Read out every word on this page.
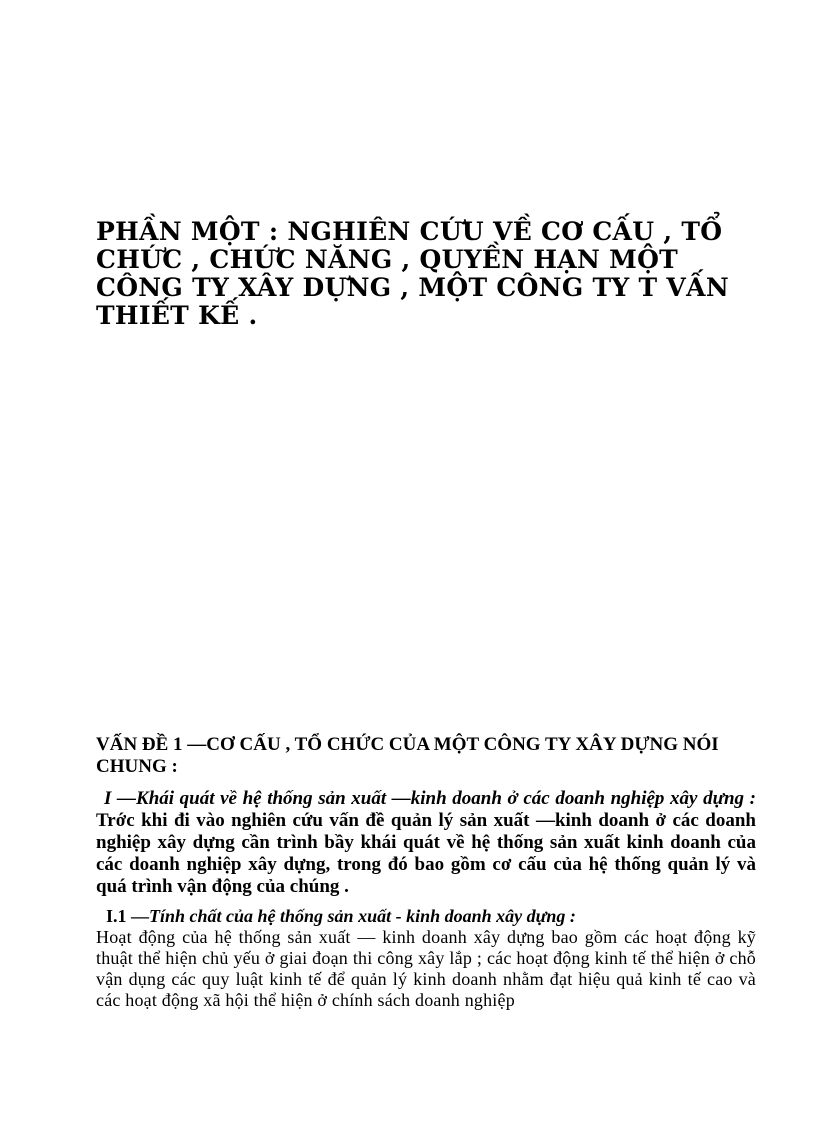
PHẦN MỘT : NGHIÊN CỨU VỀ CƠ CẤU , TỔ CHỨC , CHỨC NĂNG , QUYỀN HẠN MỘT CÔNG TY XÂY DỰNG , MỘT CÔNG TY T VẤN THIẾT KẾ .
VẤN ĐỀ 1 —CƠ CẤU , TỔ CHỨC CỦA MỘT CÔNG TY XÂY DỰNG NÓI CHUNG :

I —Khái quát về hệ thống sản xuất —kinh doanh ở các doanh nghiệp xây dựng : Trớc khi đi vào nghiên cứu vấn đề quản lý sản xuất —kinh doanh ở các doanh nghiệp xây dựng cần trình bầy khái quát về hệ thống sản xuất kinh doanh của các doanh nghiệp xây dựng, trong đó bao gồm cơ cấu của hệ thống quản lý và quá trình vận động của chúng .

I.1 —Tính chất của hệ thống sản xuất - kinh doanh xây dựng :
Hoạt động của hệ thống sản xuất — kinh doanh xây dựng bao gồm các hoạt động kỹ thuật thể hiện chủ yếu ở giai đoạn thi công xây lắp ; các hoạt động kinh tế thể hiện ở chỗ vận dụng các quy luật kinh tế để quản lý kinh doanh nhằm đạt hiệu quả kinh tế cao và các hoạt động xã hội thể hiện ở chính sách doanh nghiệp
